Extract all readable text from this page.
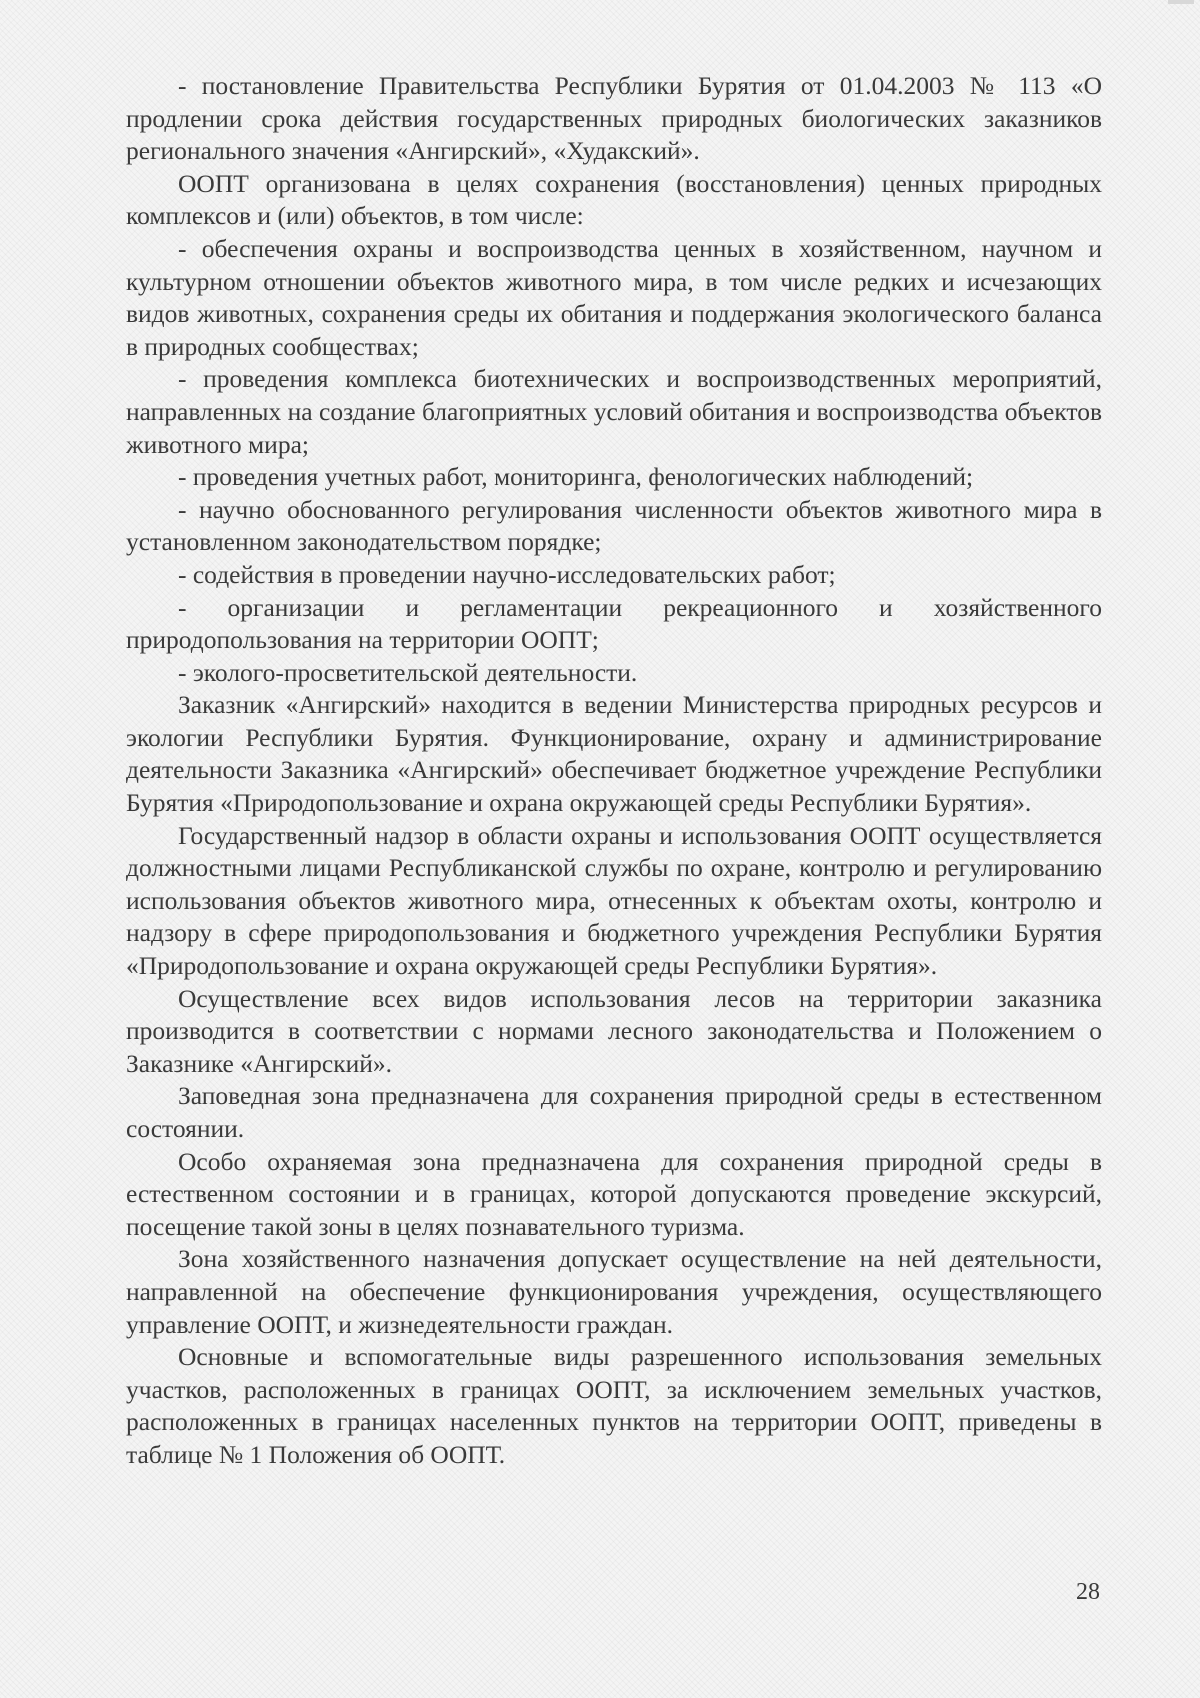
- постановление Правительства Республики Бурятия от 01.04.2003 № 113 «О продлении срока действия государственных природных биологических заказников регионального значения «Ангирский», «Худакский».

ООПТ организована в целях сохранения (восстановления) ценных природных комплексов и (или) объектов, в том числе:

- обеспечения охраны и воспроизводства ценных в хозяйственном, научном и культурном отношении объектов животного мира, в том числе редких и исчезающих видов животных, сохранения среды их обитания и поддержания экологического баланса в природных сообществах;

- проведения комплекса биотехнических и воспроизводственных мероприятий, направленных на создание благоприятных условий обитания и воспроизводства объектов животного мира;

- проведения учетных работ, мониторинга, фенологических наблюдений;

- научно обоснованного регулирования численности объектов животного мира в установленном законодательством порядке;

- содействия в проведении научно-исследовательских работ;

- организации и регламентации рекреационного и хозяйственного природопользования на территории ООПТ;

- эколого-просветительской деятельности.

Заказник «Ангирский» находится в ведении Министерства природных ресурсов и экологии Республики Бурятия. Функционирование, охрану и администрирование деятельности Заказника «Ангирский» обеспечивает бюджетное учреждение Республики Бурятия «Природопользование и охрана окружающей среды Республики Бурятия».

Государственный надзор в области охраны и использования ООПТ осуществляется должностными лицами Республиканской службы по охране, контролю и регулированию использования объектов животного мира, отнесенных к объектам охоты, контролю и надзору в сфере природопользования и бюджетного учреждения Республики Бурятия «Природопользование и охрана окружающей среды Республики Бурятия».

Осуществление всех видов использования лесов на территории заказника производится в соответствии с нормами лесного законодательства и Положением о Заказнике «Ангирский».

Заповедная зона предназначена для сохранения природной среды в естественном состоянии.

Особо охраняемая зона предназначена для сохранения природной среды в естественном состоянии и в границах, которой допускаются проведение экскурсий, посещение такой зоны в целях познавательного туризма.

Зона хозяйственного назначения допускает осуществление на ней деятельности, направленной на обеспечение функционирования учреждения, осуществляющего управление ООПТ, и жизнедеятельности граждан.

Основные и вспомогательные виды разрешенного использования земельных участков, расположенных в границах ООПТ, за исключением земельных участков, расположенных в границах населенных пунктов на территории ООПТ, приведены в таблице № 1 Положения об ООПТ.

28
